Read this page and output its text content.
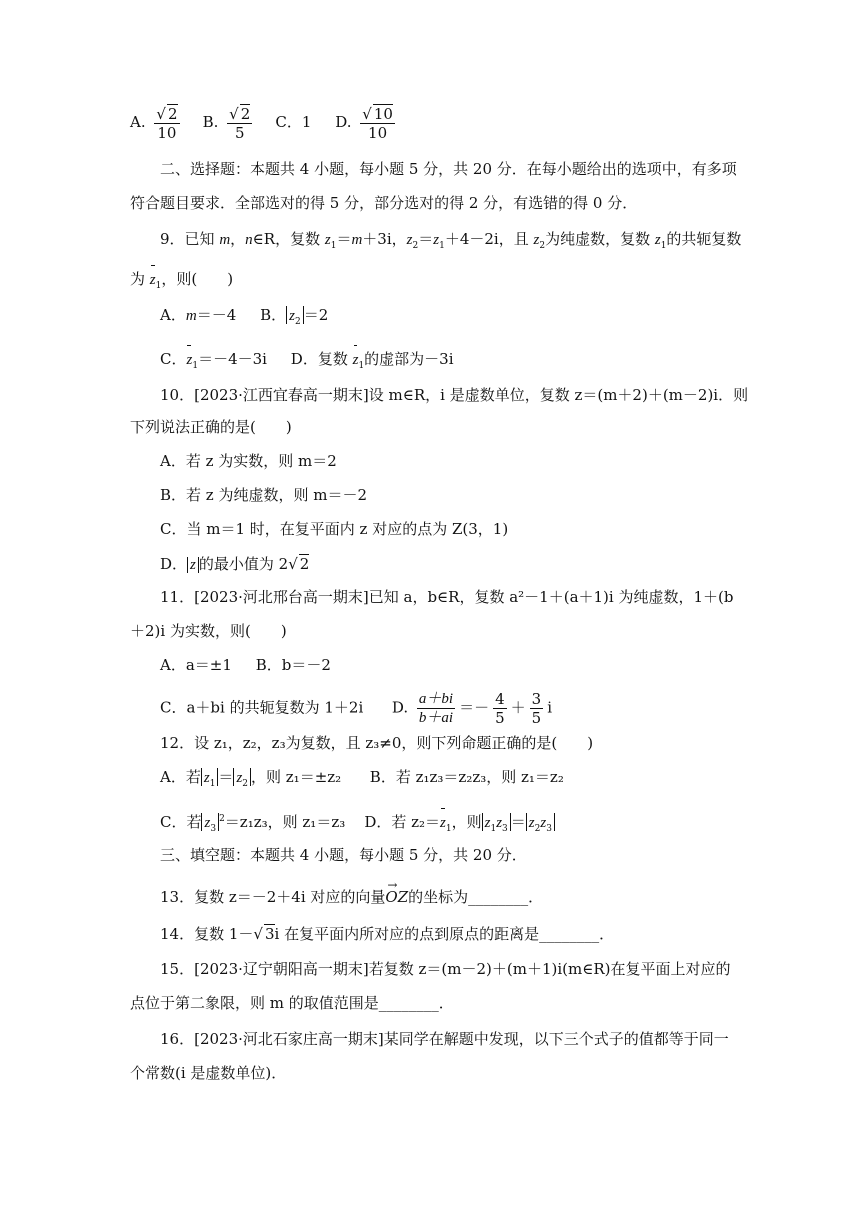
A. $\frac{√ 2}{10} B$. $\frac{√ 2}{5}$ C．1 D. $\frac{√ 10}{10}$
二、选择题：本题共 4 小题，每小题 5 分，共 20 分．在每小题给出的选项中，有多项
符合题目要求．全部选对的得 5 分，部分选对的得 2 分，有选错的得 0 分．
9．已知 m，n∈R，复数 $z_1=m+3i$，$z_2=z_1+4-2i$，且 $z_2$为纯虚数，复数 $z_1$的共轭复数
为 $z_1$，则(　　)
A．m＝－4 B． $z_2 =2$
C．$z_1=-4-3i$ D．复数 $z_1$的虚部为－3i
10．[2023·江西宜春高一期末]设 m∈R，i 是虚数单位，复数 z＝(m＋2)＋(m－2)i．则
下列说法正确的是(　　)
A．若 z 为实数，则 m＝2
B．若 z 为纯虚数，则 m＝－2
C．当 m＝1 时，在复平面内 z 对应的点为 Z(3，1)
D． z 的最小值为 2√ 2
11．[2023·河北邢台高一期末]已知 a，b∈R，复数 a²－1＋(a＋1)i 为纯虚数，1＋(b
＋2)i 为实数，则(　　)
A．a＝±1 B．b＝－2
C．a＋bi 的共轭复数为 1＋2i D. $\frac{a+bi}{b+ai} =- \frac{4}{5} + \frac{3}{5}$ i
12．设 z₁，z₂，z₃为复数，且 z₃≠0，则下列命题正确的是(　　)
A．若 $z_1 = z_2$ ，则 z₁＝±z₂ B．若 z₁z₃＝z₂z₃，则 z₁＝z₂
C．若 $z_3^2=z_1z_3$，则 z₁＝z₃ D．若 $z_2=z_1$，则 $z_1z_3 = z_2z_3$
三、填空题：本题共 4 小题，每小题 5 分，共 20 分．
13．复数 z＝－2＋4i 对应的向量→ OZ的坐标为________．
14．复数 1－√ 3i 在复平面内所对应的点到原点的距离是________．
15．[2023·辽宁朝阳高一期末]若复数 z＝(m－2)＋(m＋1)i(m∈R)在复平面上对应的
点位于第二象限，则 m 的取值范围是________．
16．[2023·河北石家庄高一期末]某同学在解题中发现，以下三个式子的值都等于同一
个常数(i 是虚数单位)．
